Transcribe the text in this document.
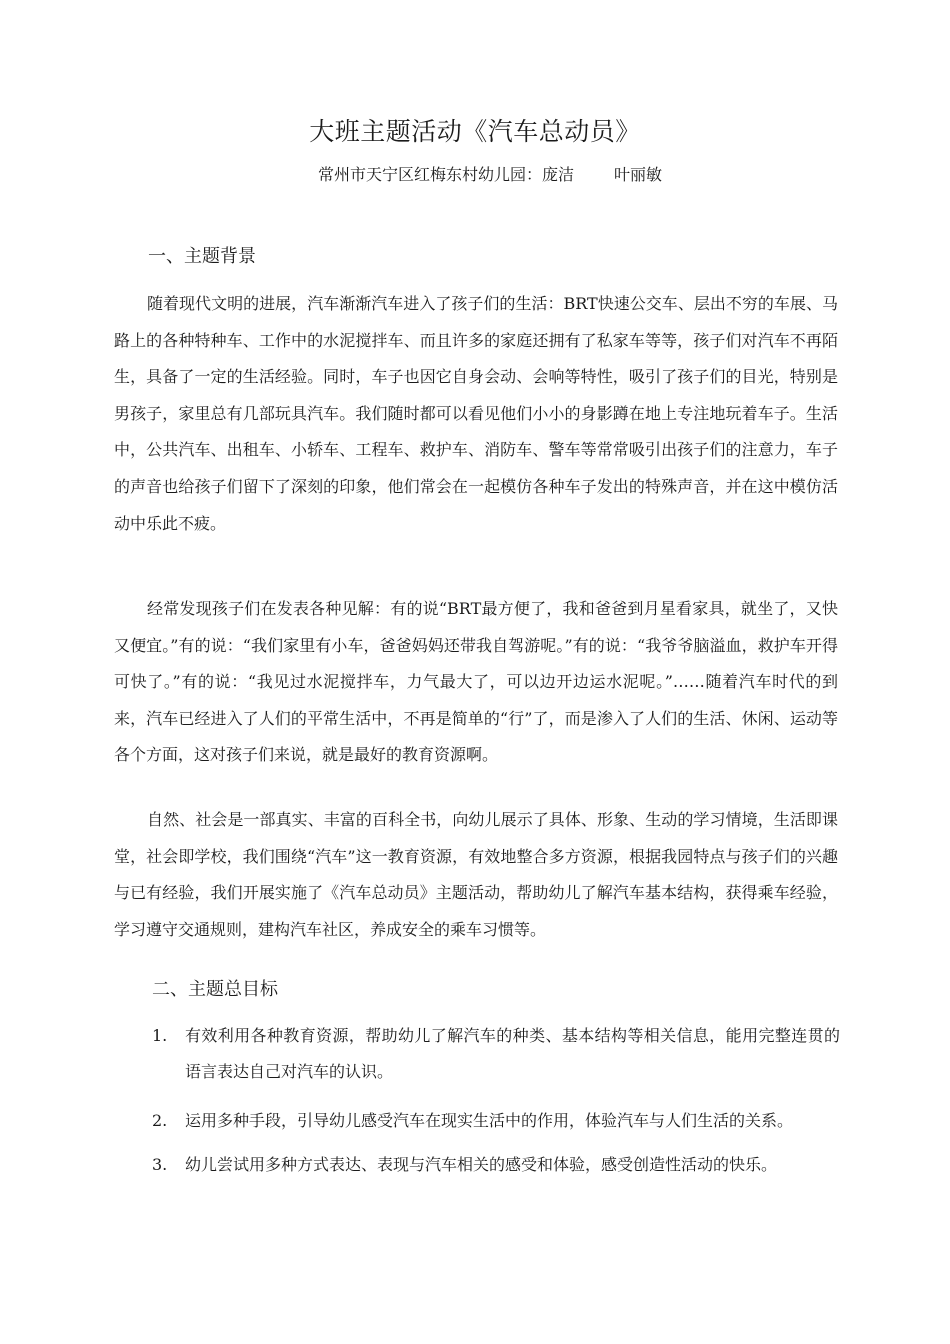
大班主题活动《汽车总动员》
常州市天宁区红梅东村幼儿园：庞洁	叶丽敏
一、主题背景

随着现代文明的进展，汽车渐渐汽车进入了孩子们的生活：BRT快速公交车、层出不穷的车展、马路上的各种特种车、工作中的水泥搅拌车、而且许多的家庭还拥有了私家车等等，孩子们对汽车不再陌生，具备了一定的生活经验。同时，车子也因它自身会动、会响等特性，吸引了孩子们的目光，特别是男孩子，家里总有几部玩具汽车。我们随时都可以看见他们小小的身影蹲在地上专注地玩着车子。生活中，公共汽车、出租车、小轿车、工程车、救护车、消防车、警车等常常吸引出孩子们的注意力，车子的声音也给孩子们留下了深刻的印象，他们常会在一起模仿各种车子发出的特殊声音，并在这中模仿活动中乐此不疲。

经常发现孩子们在发表各种见解：有的说“BRT最方便了，我和爸爸到月星看家具，就坐了，又快又便宜。”有的说：“我们家里有小车，爸爸妈妈还带我自驾游呢。”有的说：“我爷爷脑溢血，救护车开得可快了。”有的说：“我见过水泥搅拌车，力气最大了，可以边开边运水泥呢。”……随着汽车时代的到来，汽车已经进入了人们的平常生活中，不再是简单的“行”了，而是渗入了人们的生活、休闲、运动等各个方面，这对孩子们来说，就是最好的教育资源啊。

自然、社会是一部真实、丰富的百科全书，向幼儿展示了具体、形象、生动的学习情境，生活即课堂，社会即学校，我们围绕“汽车”这一教育资源，有效地整合多方资源，根据我园特点与孩子们的兴趣与已有经验，我们开展实施了《汽车总动员》主题活动，帮助幼儿了解汽车基本结构，获得乘车经验，学习遵守交通规则，建构汽车社区，养成安全的乘车习惯等。

二、主题总目标
1.	有效利用各种教育资源，帮助幼儿了解汽车的种类、基本结构等相关信息，能用完整连贯的语言表达自己对汽车的认识。
2.	运用多种手段，引导幼儿感受汽车在现实生活中的作用，体验汽车与人们生活的关系。
3.	幼儿尝试用多种方式表达、表现与汽车相关的感受和体验，感受创造性活动的快乐。
